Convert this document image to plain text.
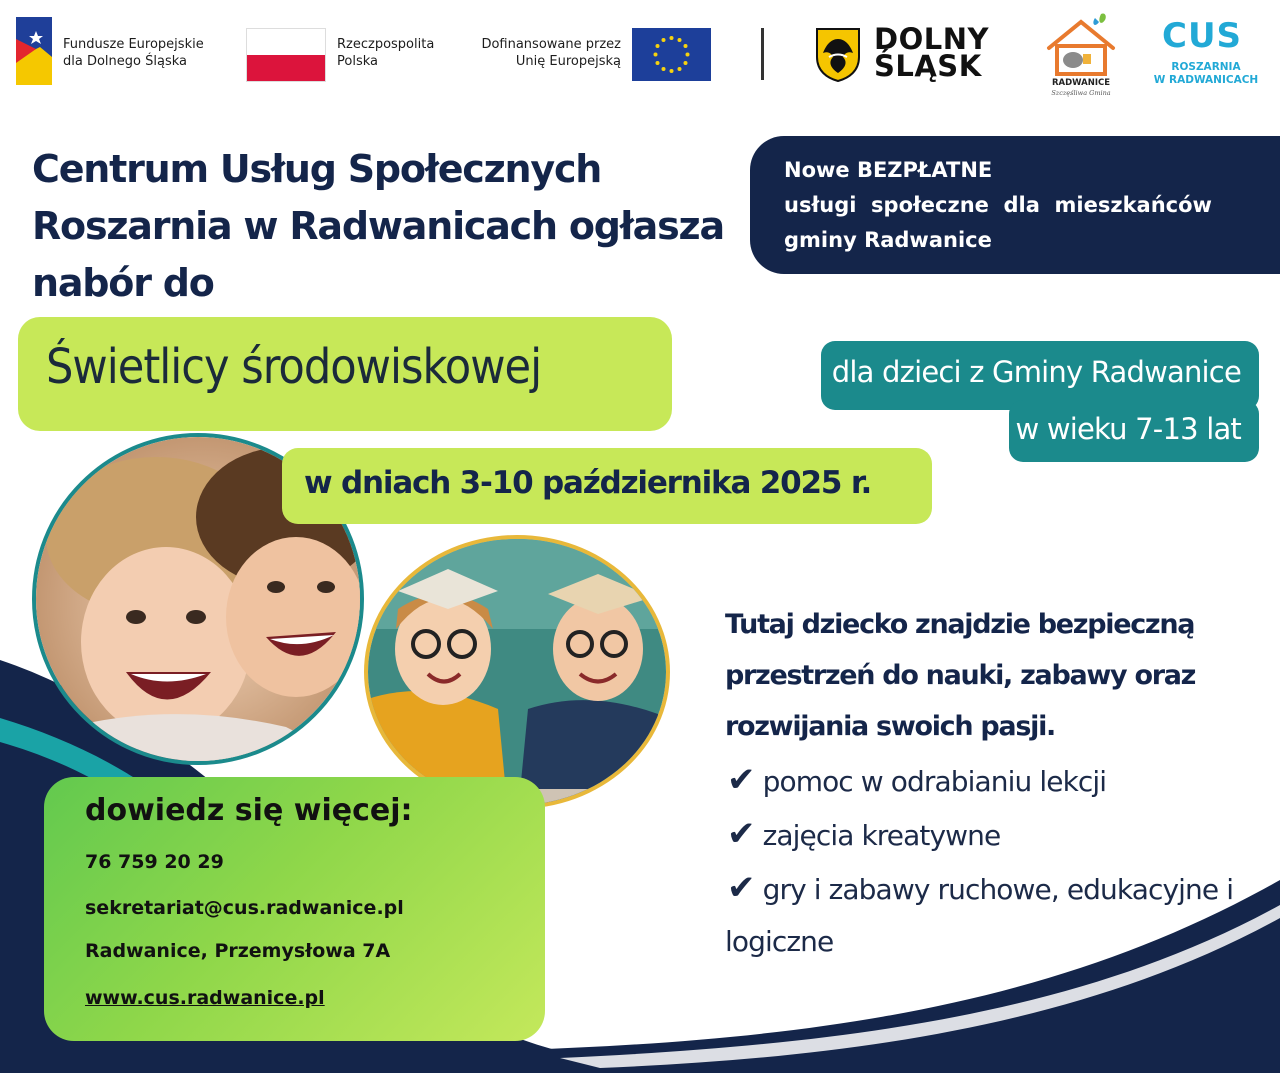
Fundusze Europejskie
dla Dolnego Śląska
Rzeczpospolita
Polska
Dofinansowane przez
Unię Europejską
DOLNY
ŚLĄSK	RADWANICE
Szczęśliwa Gmina
CUS
ROSZARNIA
W RADWANICACH
Centrum Usług Społecznych
Roszarnia w Radwanicach ogłasza
nabór do
Nowe BEZPŁATNE
usługi  społeczne  dla  mieszkańców
gminy Radwanice
Świetlicy środowiskowej	dla dzieci z Gminy Radwanice
w wieku 7-13 lat
w dniach 3-10 października 2025 r.
Tutaj dziecko znajdzie bezpieczną
przestrzeń do nauki, zabawy oraz
rozwijania swoich pasji.
✔ pomoc w odrabianiu lekcji
✔ zajęcia kreatywne
✔ gry i zabawy ruchowe, edukacyjne i
logiczne
dowiedz się więcej:
76 759 20 29
sekretariat@cus.radwanice.pl
Radwanice, Przemysłowa 7A
www.cus.radwanice.pl
